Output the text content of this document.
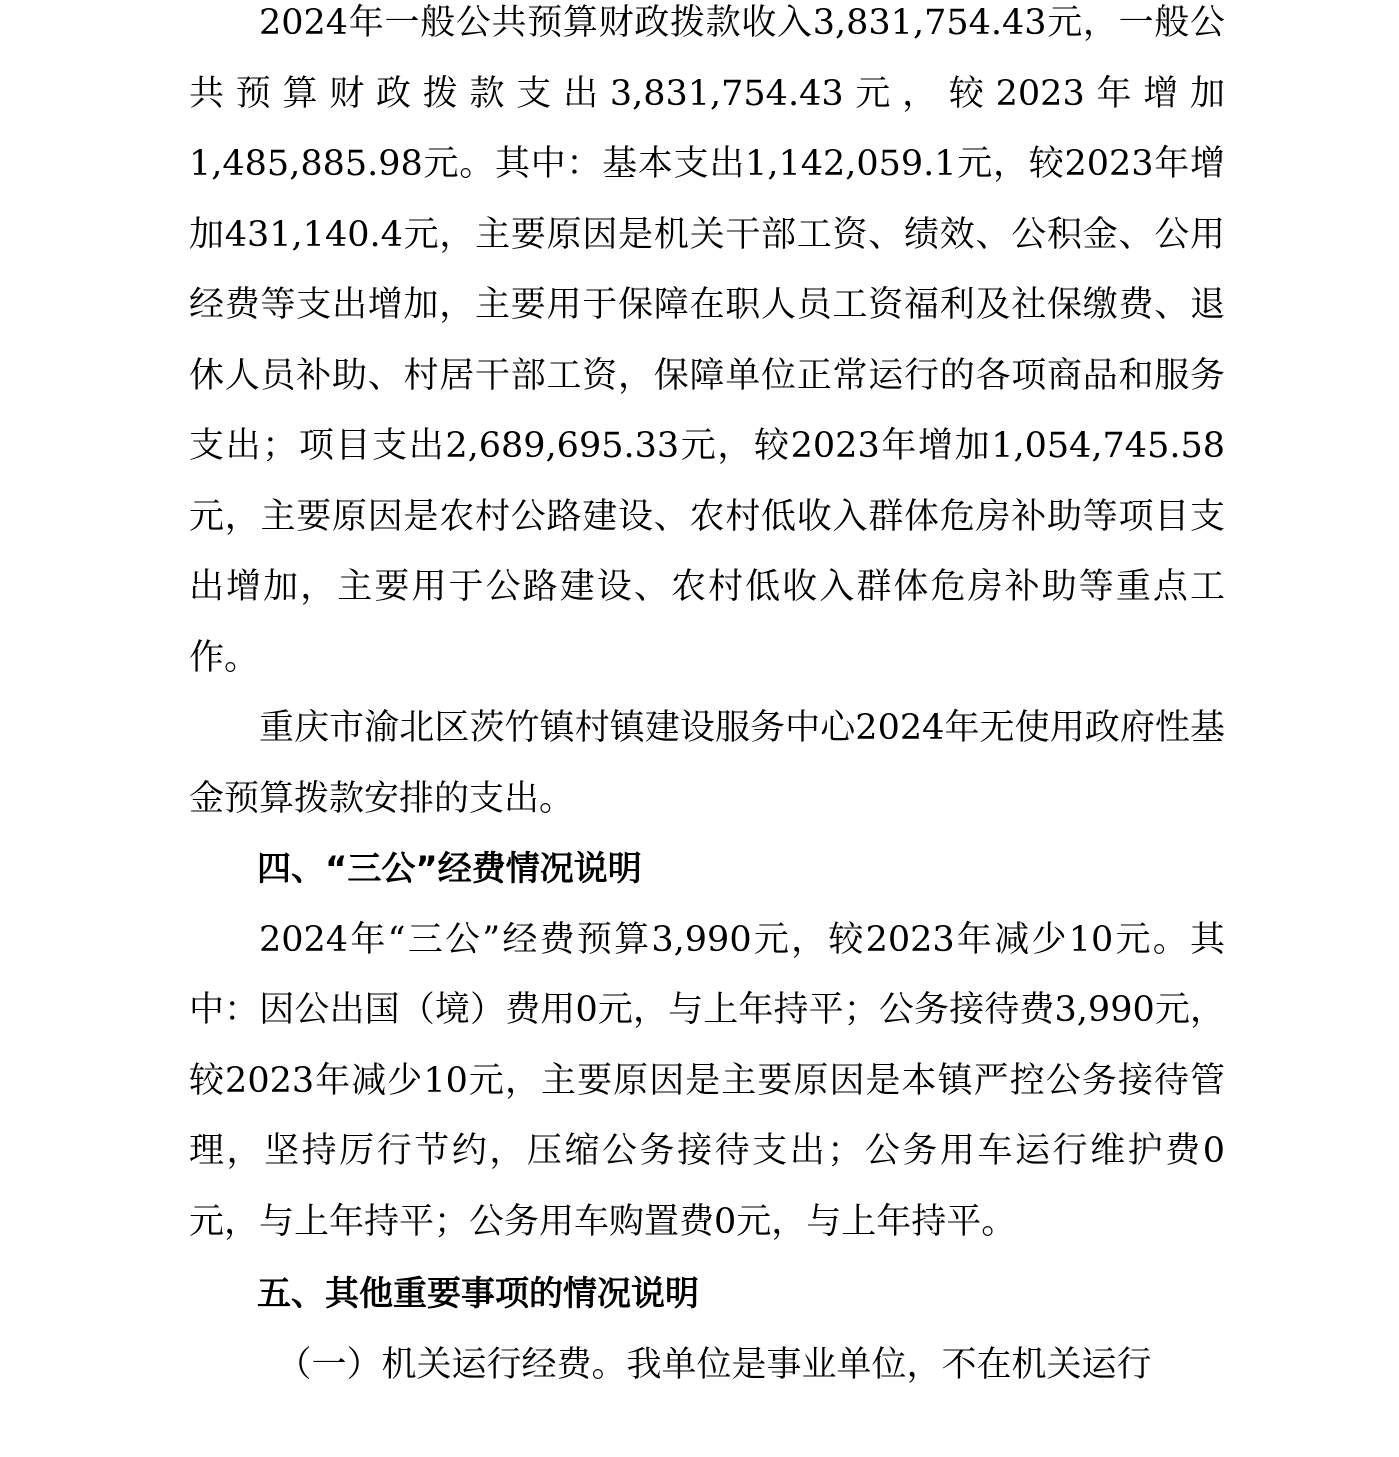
2024年一般公共预算财政拨款收入3,831,754.43元，一般公共预算财政拨款支出3,831,754.43元，较2023年增加1,485,885.98元。其中：基本支出1,142,059.1元，较2023年增加431,140.4元，主要原因是机关干部工资、绩效、公积金、公用经费等支出增加，主要用于保障在职人员工资福利及社保缴费、退休人员补助、村居干部工资，保障单位正常运行的各项商品和服务支出；项目支出2,689,695.33元，较2023年增加1,054,745.58元，主要原因是农村公路建设、农村低收入群体危房补助等项目支出增加，主要用于公路建设、农村低收入群体危房补助等重点工作。

重庆市渝北区茨竹镇村镇建设服务中心2024年无使用政府性基金预算拨款安排的支出。

四、“三公”经费情况说明

2024年“三公”经费预算3,990元，较2023年减少10元。其中：因公出国（境）费用0元，与上年持平；公务接待费3,990元，较2023年减少10元，主要原因是主要原因是本镇严控公务接待管理，坚持厉行节约，压缩公务接待支出；公务用车运行维护费0元，与上年持平；公务用车购置费0元，与上年持平。

五、其他重要事项的情况说明

（一）机关运行经费。我单位是事业单位，不在机关运行
